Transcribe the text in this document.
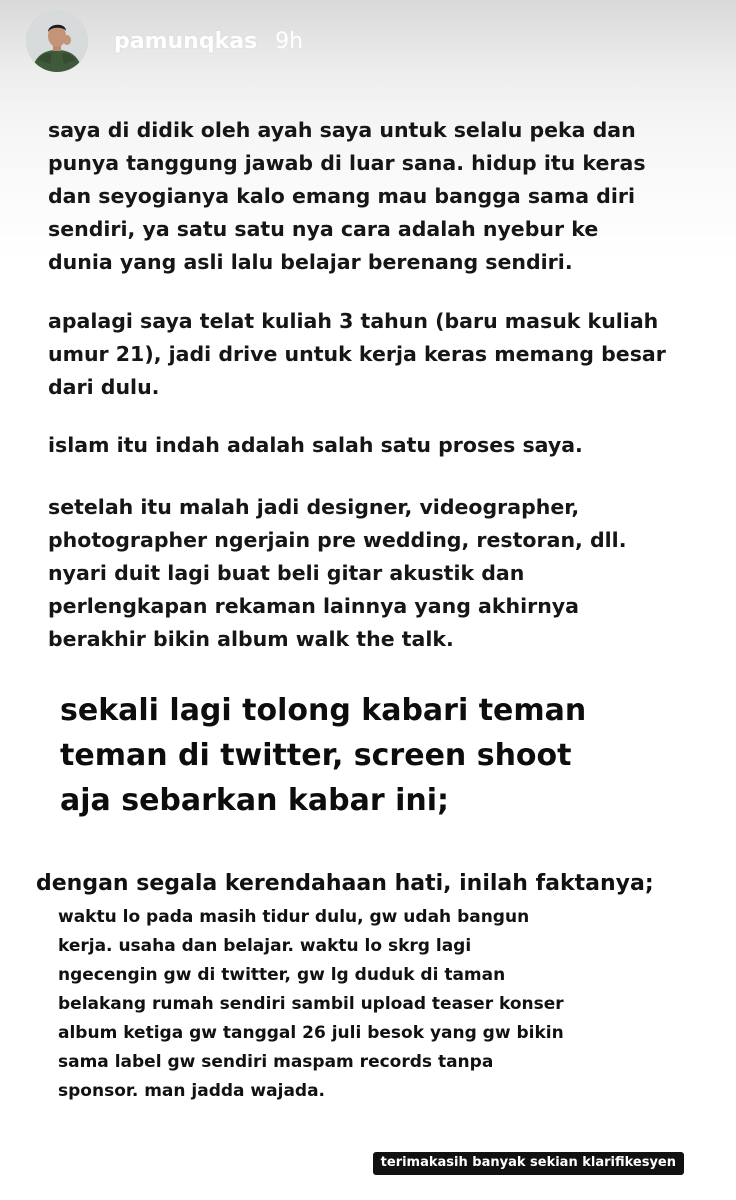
pamunqkas 9h

saya di didik oleh ayah saya untuk selalu peka dan
punya tanggung jawab di luar sana. hidup itu keras
dan seyogianya kalo emang mau bangga sama diri
sendiri, ya satu satu nya cara adalah nyebur ke
dunia yang asli lalu belajar berenang sendiri.

apalagi saya telat kuliah 3 tahun (baru masuk kuliah
umur 21), jadi drive untuk kerja keras memang besar
dari dulu.

islam itu indah adalah salah satu proses saya.

setelah itu malah jadi designer, videographer,
photographer ngerjain pre wedding, restoran, dll.
nyari duit lagi buat beli gitar akustik dan
perlengkapan rekaman lainnya yang akhirnya
berakhir bikin album walk the talk.

sekali lagi tolong kabari teman
teman di twitter, screen shoot
aja sebarkan kabar ini;

dengan segala kerendahaan hati, inilah faktanya;

waktu lo pada masih tidur dulu, gw udah bangun
kerja. usaha dan belajar. waktu lo skrg lagi
ngecengin gw di twitter, gw lg duduk di taman
belakang rumah sendiri sambil upload teaser konser
album ketiga gw tanggal 26 juli besok yang gw bikin
sama label gw sendiri maspam records tanpa
sponsor. man jadda wajada.

terimakasih banyak sekian klarifikesyen
